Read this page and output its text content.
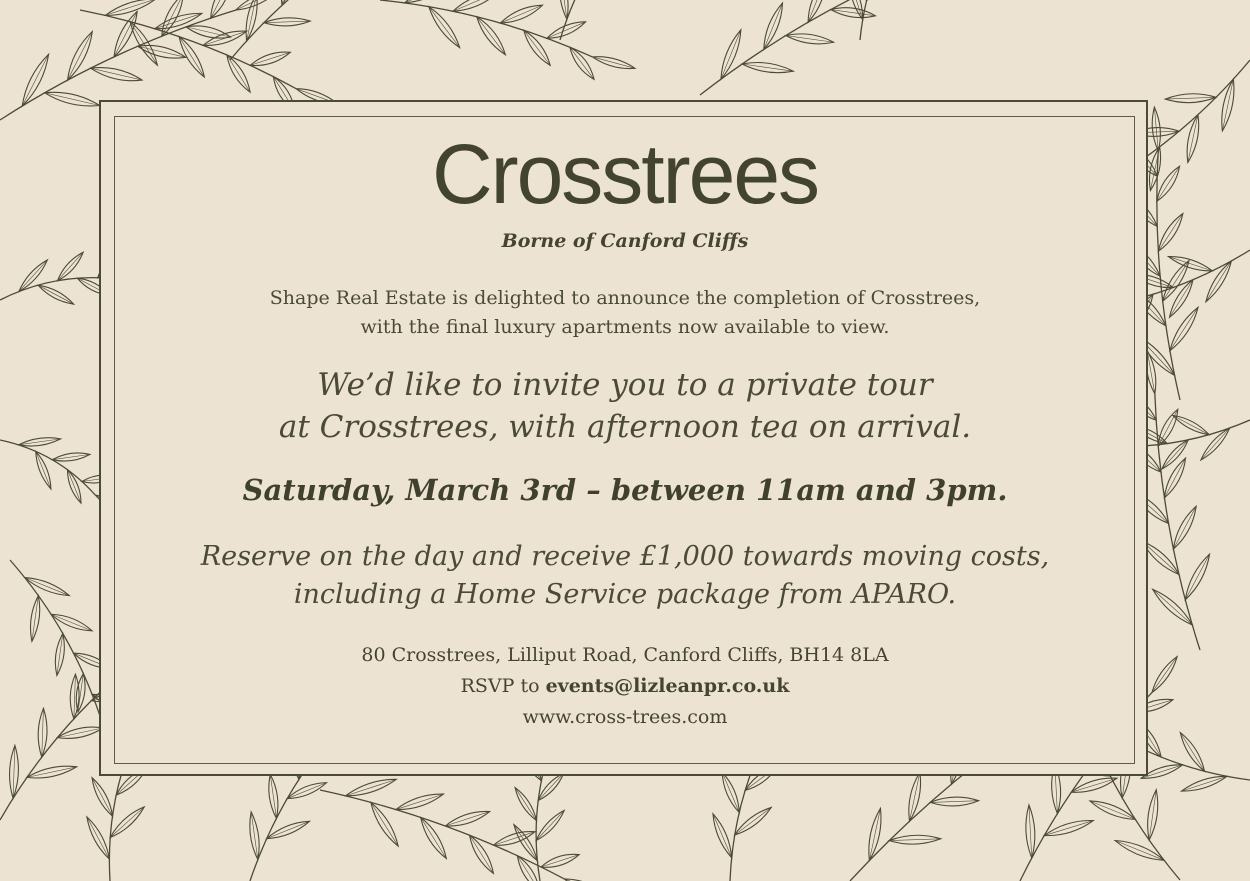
Crosstrees
Borne of Canford Cliffs
Shape Real Estate is delighted to announce the completion of Crosstrees,
with the final luxury apartments now available to view.
We’d like to invite you to a private tour
at Crosstrees, with afternoon tea on arrival.
Saturday, March 3rd – between 11am and 3pm.
Reserve on the day and receive £1,000 towards moving costs,
including a Home Service package from APARO.
80 Crosstrees, Lilliput Road, Canford Cliffs, BH14 8LA
RSVP to events@lizleanpr.co.uk
www.cross-trees.com
